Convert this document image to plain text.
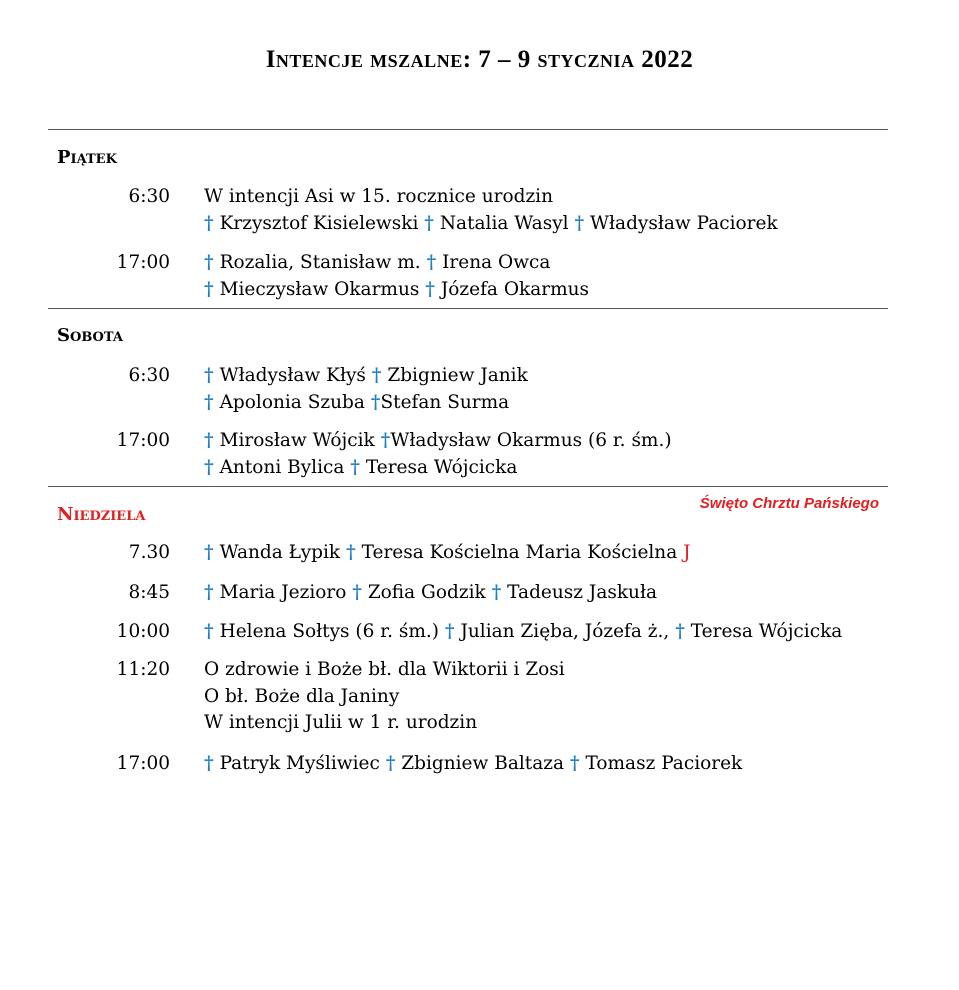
Intencje mszalne: 7 – 9 stycznia 2022
Piątek
Sobota
Niedziela
Święto Chrztu Pańskiego
6:30 W intencji Asi w 15. rocznice urodzin
† Krzysztof Kisielewski † Natalia Wasyl † Władysław Paciorek
17:00 † Rozalia, Stanisław m. † Irena Owca
† Mieczysław Okarmus † Józefa Okarmus
6:30 † Władysław Kłyś † Zbigniew Janik
† Apolonia Szuba †Stefan Surma
17:00 † Mirosław Wójcik †Władysław Okarmus (6 r. śm.)
† Antoni Bylica † Teresa Wójcicka
7.30 † Wanda Łypik † Teresa Kościelna Maria Kościelna J
8:45 † Maria Jezioro † Zofia Godzik † Tadeusz Jaskuła
10:00 † Helena Sołtys (6 r. śm.) † Julian Zięba, Józefa ż., † Teresa Wójcicka
11:20 O zdrowie i Boże bł. dla Wiktorii i Zosi
O bł. Boże dla Janiny
W intencji Julii w 1 r. urodzin
17:00 † Patryk Myśliwiec † Zbigniew Baltaza † Tomasz Paciorek
